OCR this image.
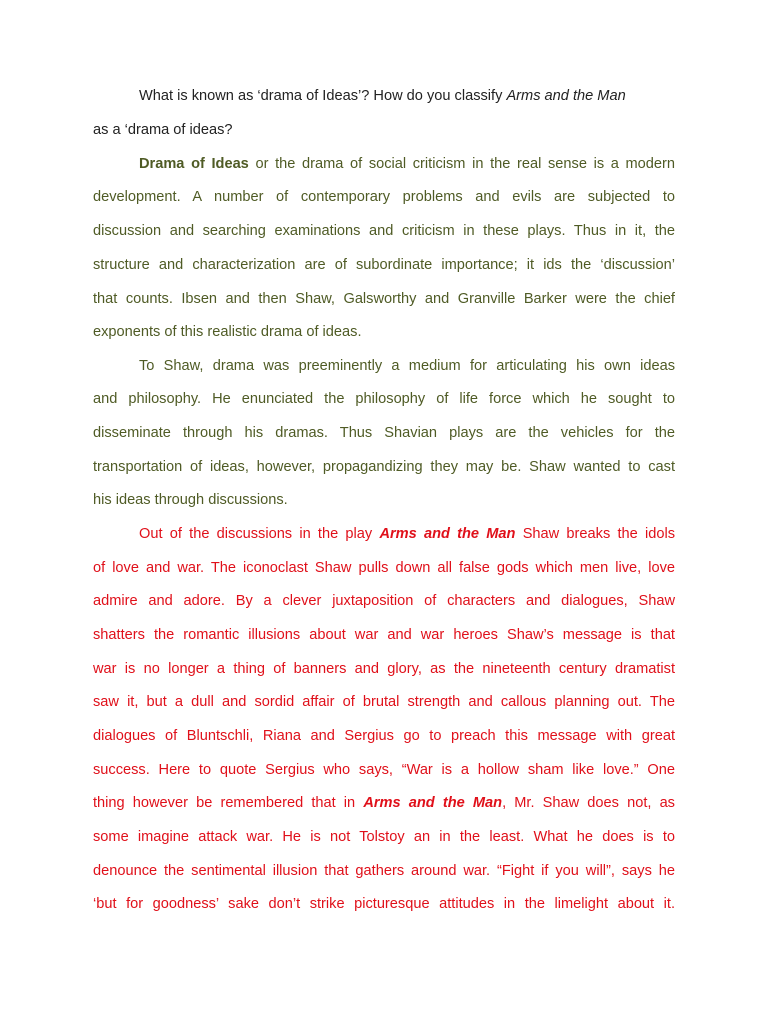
What is known as ‘drama of Ideas’? How do you classify Arms and the Man
as a ‘drama of ideas?
Drama of Ideas or the drama of social criticism in the real sense is a modern
development. A number of contemporary problems and evils are subjected to
discussion and searching examinations and criticism in these plays. Thus in it, the
structure and characterization are of subordinate importance; it ids the ‘discussion’
that counts. Ibsen and then Shaw, Galsworthy and Granville Barker were the chief
exponents of this realistic drama of ideas.
To Shaw, drama was preeminently a medium for articulating his own ideas
and philosophy. He enunciated the philosophy of life force which he sought to
disseminate through his dramas. Thus Shavian plays are the vehicles for the
transportation of ideas, however, propagandizing they may be. Shaw wanted to cast
his ideas through discussions.
Out of the discussions in the play Arms and the Man Shaw breaks the idols
of love and war. The iconoclast Shaw pulls down all false gods which men live, love
admire and adore. By a clever juxtaposition of characters and dialogues, Shaw
shatters the romantic illusions about war and war heroes Shaw’s message is that
war is no longer a thing of banners and glory, as the nineteenth century dramatist
saw it, but a dull and sordid affair of brutal strength and callous planning out. The
dialogues of Bluntschli, Riana and Sergius go to preach this message with great
success. Here to quote Sergius who says, “War is a hollow sham like love.” One
thing however be remembered that in Arms and the Man, Mr. Shaw does not, as
some imagine attack war. He is not Tolstoy an in the least. What he does is to
denounce the sentimental illusion that gathers around war. “Fight if you will”, says he
‘but for goodness’ sake don’t strike picturesque attitudes in the limelight about it.
